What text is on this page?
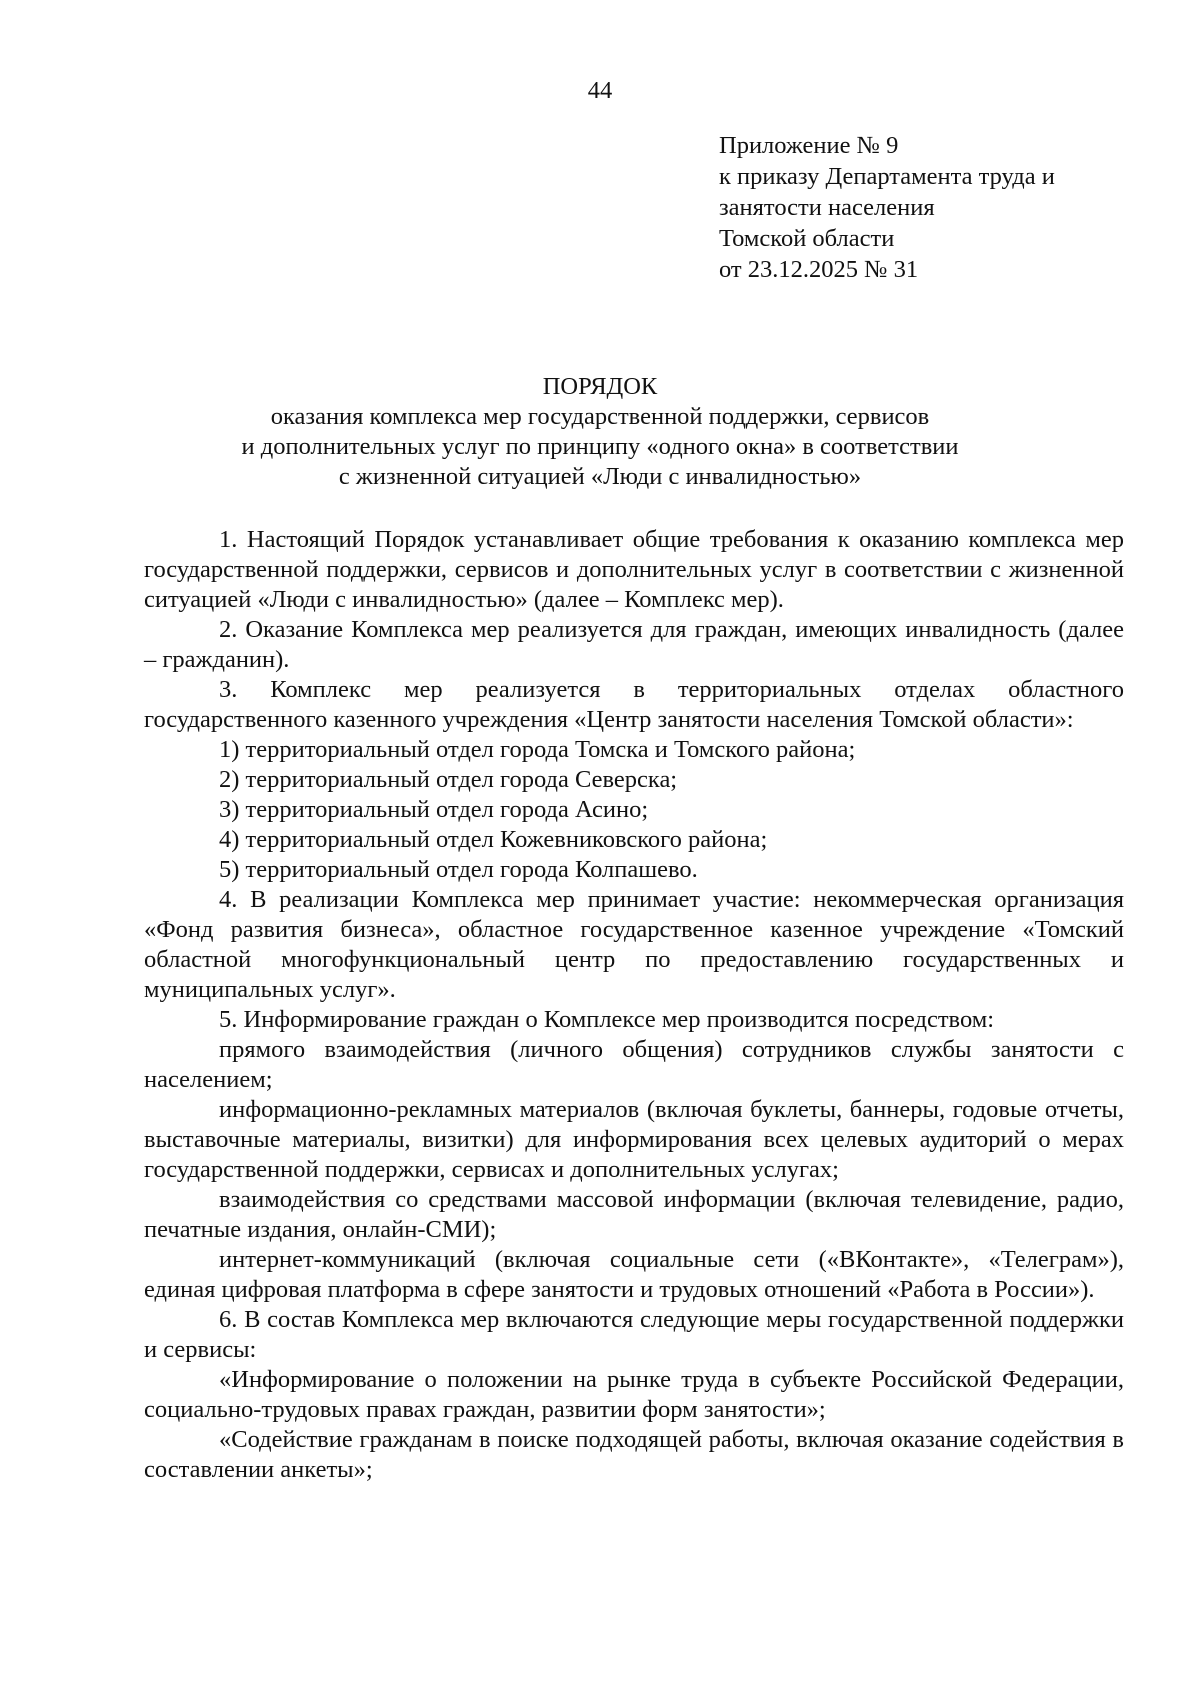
44
Приложение № 9
к приказу Департамента труда и
занятости населения
Томской области
от 23.12.2025 № 31
ПОРЯДОК
оказания комплекса мер государственной поддержки, сервисов
и дополнительных услуг по принципу «одного окна» в соответствии
с жизненной ситуацией «Люди с инвалидностью»

1. Настоящий Порядок устанавливает общие требования к оказанию комплекса мер государственной поддержки, сервисов и дополнительных услуг в соответствии с жизненной ситуацией «Люди с инвалидностью» (далее – Комплекс мер).

2. Оказание Комплекса мер реализуется для граждан, имеющих инвалидность (далее – гражданин).

3. Комплекс мер реализуется в территориальных отделах областного государственного казенного учреждения «Центр занятости населения Томской области»:

1) территориальный отдел города Томска и Томского района;

2) территориальный отдел города Северска;

3) территориальный отдел города Асино;

4) территориальный отдел Кожевниковского района;

5) территориальный отдел города Колпашево.

4. В реализации Комплекса мер принимает участие: некоммерческая организация «Фонд развития бизнеса», областное государственное казенное учреждение «Томский областной многофункциональный центр по предоставлению государственных и муниципальных услуг».

5. Информирование граждан о Комплексе мер производится посредством:

прямого взаимодействия (личного общения) сотрудников службы занятости с населением;

информационно-рекламных материалов (включая буклеты, баннеры, годовые отчеты, выставочные материалы, визитки) для информирования всех целевых аудиторий о мерах государственной поддержки, сервисах и дополнительных услугах;

взаимодействия со средствами массовой информации (включая телевидение, радио, печатные издания, онлайн-СМИ);

интернет-коммуникаций (включая социальные сети («ВКонтакте», «Телеграм»), единая цифровая платформа в сфере занятости и трудовых отношений «Работа в России»).

6. В состав Комплекса мер включаются следующие меры государственной поддержки и сервисы:

«Информирование о положении на рынке труда в субъекте Российской Федерации, социально-трудовых правах граждан, развитии форм занятости»;

«Содействие гражданам в поиске подходящей работы, включая оказание содействия в составлении анкеты»;
